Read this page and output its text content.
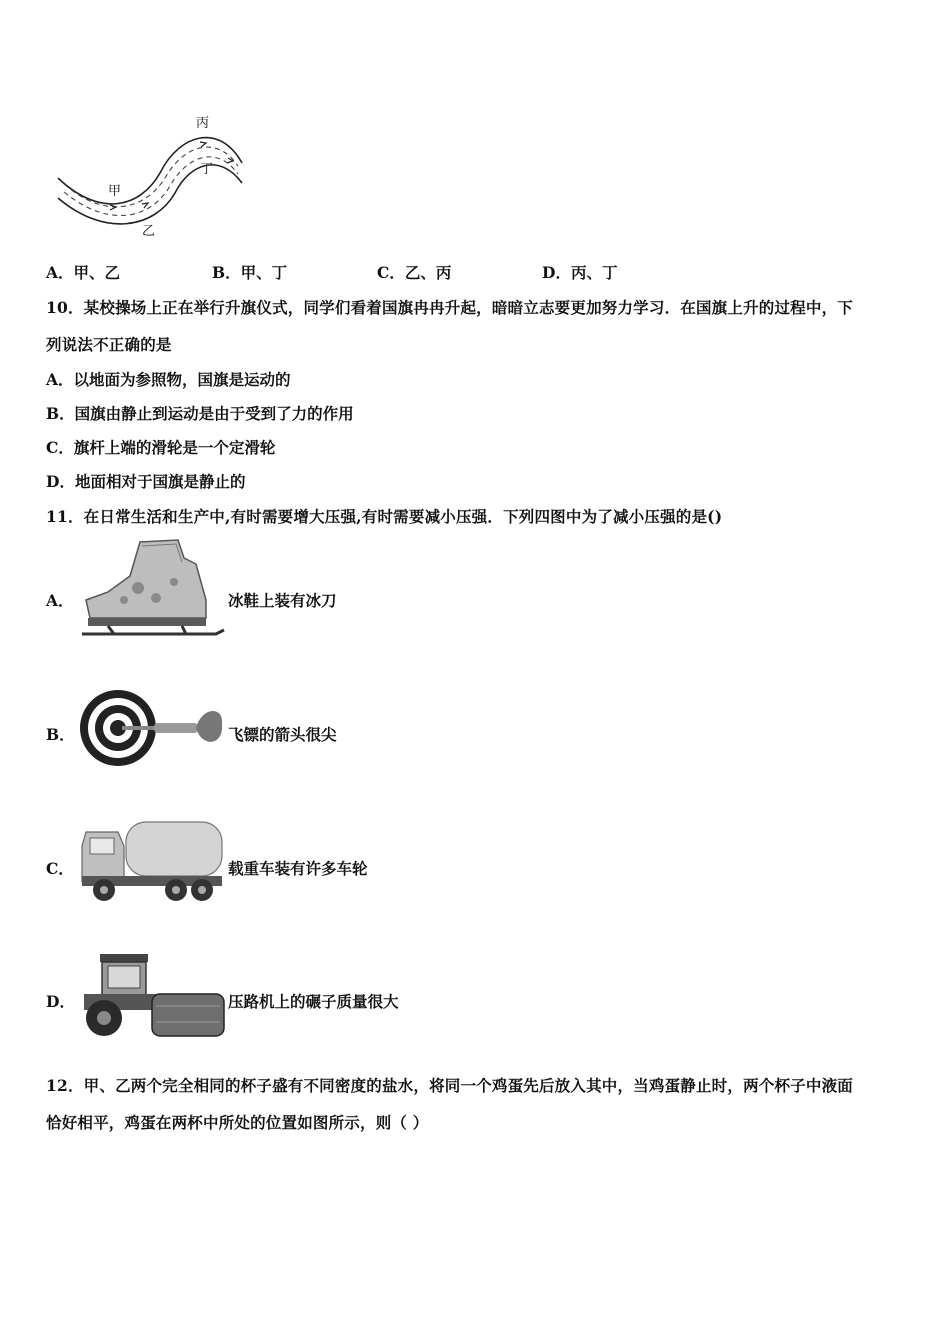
丙
丁
甲
乙
A．甲、乙	B．甲、丁	C．乙、丙	D．丙、丁
10．某校操场上正在举行升旗仪式，同学们看着国旗冉冉升起，暗暗立志要更加努力学习．在国旗上升的过程中，下
列说法不正确的是
A．以地面为参照物，国旗是运动的
B．国旗由静止到运动是由于受到了力的作用
C．旗杆上端的滑轮是一个定滑轮
D．地面相对于国旗是静止的
11．在日常生活和生产中,有时需要增大压强,有时需要减小压强．下列四图中为了减小压强的是()
A．	冰鞋上装有冰刀
B．	飞镖的箭头很尖
C．	载重车装有许多车轮
D．	压路机上的碾子质量很大
12．甲、乙两个完全相同的杯子盛有不同密度的盐水，将同一个鸡蛋先后放入其中，当鸡蛋静止时，两个杯子中液面
恰好相平，鸡蛋在两杯中所处的位置如图所示，则（ ）
